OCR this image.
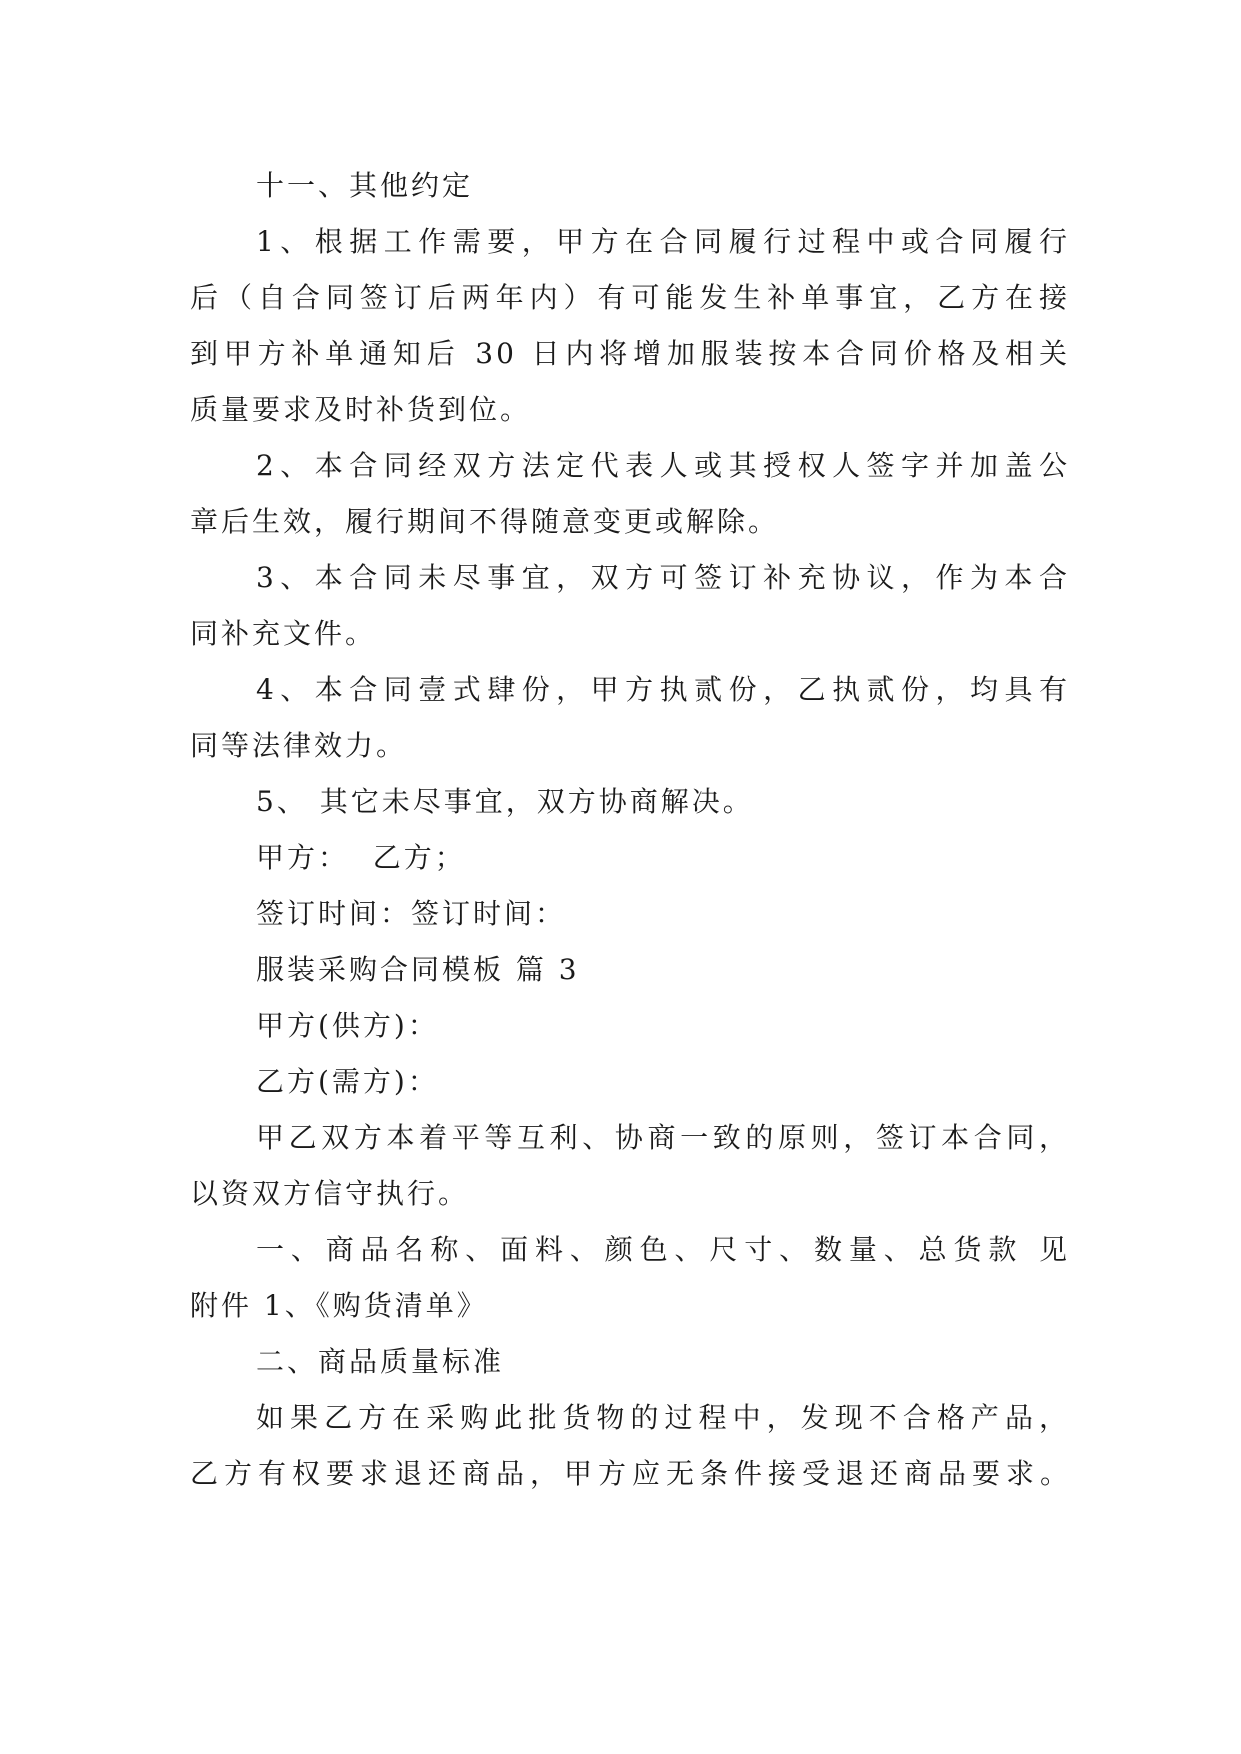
十一、其他约定
1、根据工作需要，甲方在合同履行过程中或合同履行
后（自合同签订后两年内）有可能发生补单事宜，乙方在接
到甲方补单通知后 30 日内将增加服装按本合同价格及相关
质量要求及时补货到位。
2、本合同经双方法定代表人或其授权人签字并加盖公
章后生效，履行期间不得随意变更或解除。
3、本合同未尽事宜，双方可签订补充协议，作为本合
同补充文件。
4、本合同壹式肆份，甲方执贰份，乙执贰份，均具有
同等法律效力。
5、 其它未尽事宜，双方协商解决。
甲方：  乙方；
签订时间：签订时间：
服装采购合同模板 篇 3
甲方(供方)：
乙方(需方)：
甲乙双方本着平等互利、协商一致的原则，签订本合同，
以资双方信守执行。
一、商品名称、面料、颜色、尺寸、数量、总货款 见
附件 1、《购货清单》
二、商品质量标准
如果乙方在采购此批货物的过程中，发现不合格产品，
乙方有权要求退还商品，甲方应无条件接受退还商品要求。
